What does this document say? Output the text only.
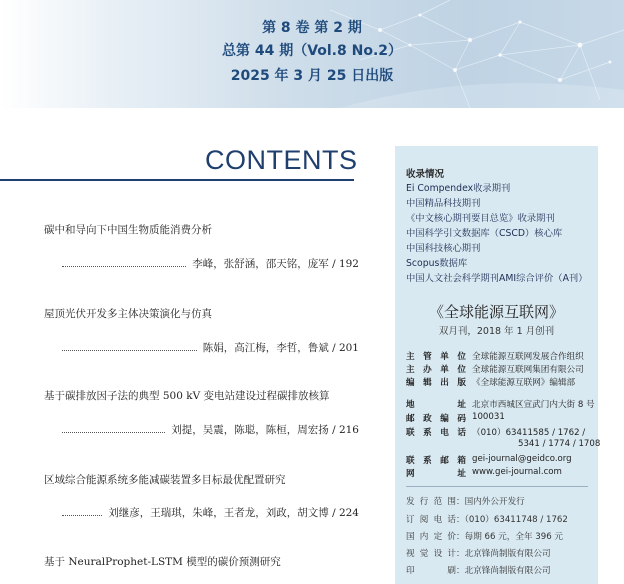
第 8 卷 第 2 期
总第 44 期（Vol.8 No.2）
2025 年 3 月 25 日出版
CONTENTS
碳中和导向下中国生物质能消费分析
李峰，张舒涵，邵天铭，庞军 / 192
屋顶光伏开发多主体决策演化与仿真
陈娟，高江梅，李哲，鲁斌 / 201
基于碳排放因子法的典型 500 kV 变电站建设过程碳排放核算
刘提，吴震，陈聪，陈桓，周宏扬 / 216
区域综合能源系统多能减碳装置多目标最优配置研究
刘继彦，王瑞琪，朱峰，王者龙，刘政，胡文博 / 224
基于 NeuralProphet-LSTM 模型的碳价预测研究
收录情况
Ei Compendex收录期刊
中国精品科技期刊
《中文核心期刊要目总览》收录期刊
中国科学引文数据库（CSCD）核心库
中国科技核心期刊
Scopus数据库
中国人文社会科学期刊AMI综合评价（A刊）
《全球能源互联网》
双月刊，2018 年 1 月创刊
主管单位 全球能源互联网发展合作组织
主办单位 全球能源互联网集团有限公司
编辑出版 《全球能源互联网》编辑部
地址 北京市西城区宣武门内大街 8 号
邮政编码 100031
联系电话 （010）63411585 / 1762 /
5341 / 1774 / 1708
联系邮箱 gei-journal@geidco.org
网址 www.gei-journal.com
发行范围：国内外公开发行
订阅电话：（010）63411748 / 1762
国内定价：每期 66 元，全年 396 元
视觉设计：北京锋尚制版有限公司
印刷：北京锋尚制版有限公司
